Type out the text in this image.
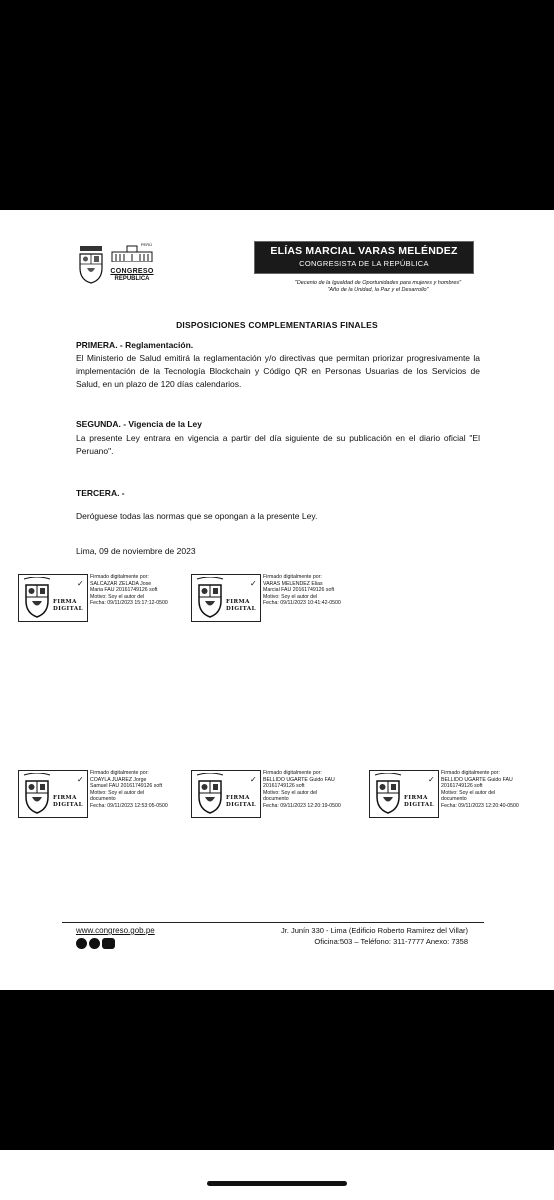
PERÚ
CONGRESO
REPÚBLICA
ELÍAS MARCIAL VARAS MELÉNDEZ
CONGRESISTA DE LA REPÚBLICA
"Decenio de la Igualdad de Oportunidades para mujeres y hombres"
"Año de la Unidad, la Paz y el Desarrollo"
DISPOSICIONES COMPLEMENTARIAS FINALES
PRIMERA. - Reglamentación.
El Ministerio de Salud emitirá la reglamentación y/o directivas que permitan priorizar progresivamente la implementación de la Tecnología Blockchain y Código QR en Personas Usuarias de los Servicios de Salud, en un plazo de 120 días calendarios.
SEGUNDA. - Vigencia de la Ley
La presente Ley entrara en vigencia a partir del día siguiente de su publicación en el diario oficial "El Peruano".
TERCERA. -
Deróguese todas las normas que se opongan a la presente Ley.
Lima, 09 de noviembre de 2023
✓
FIRMA
DIGITAL
Firmado digitalmente por:
SALCAZAR ZELADA Jose
Maria FAU 20161749126 soft
Motivo: Soy el autor del
Fecha: 09/11/2023 15:17:12-0500
✓
FIRMA
DIGITAL
Firmado digitalmente por:
VARAS MELENDEZ Elias
Marcial FAU 20161749126 soft
Motivo: Soy el autor del
Fecha: 09/11/2023 10:41:42-0500
✓
FIRMA
DIGITAL
Firmado digitalmente por:
COAYLA JUAREZ Jorge
Samuel FAU 20161749126 soft
Motivo: Soy el autor del
documento
Fecha: 09/11/2023 12:53:05-0500
✓
FIRMA
DIGITAL
Firmado digitalmente por:
BELLIDO UGARTE Guido FAU
20161749126 soft
Motivo: Soy el autor del
documento
Fecha: 09/11/2023 12:20:19-0500
✓
FIRMA
DIGITAL
Firmado digitalmente por:
BELLIDO UGARTE Guido FAU
20161749126 soft
Motivo: Soy el autor del
documento
Fecha: 09/11/2023 12:20:40-0500
www.congreso.gob.pe	Jr. Junín 330 - Lima (Edificio Roberto Ramírez del Villar)
Oficina:503 – Teléfono: 311-7777 Anexo: 7358
